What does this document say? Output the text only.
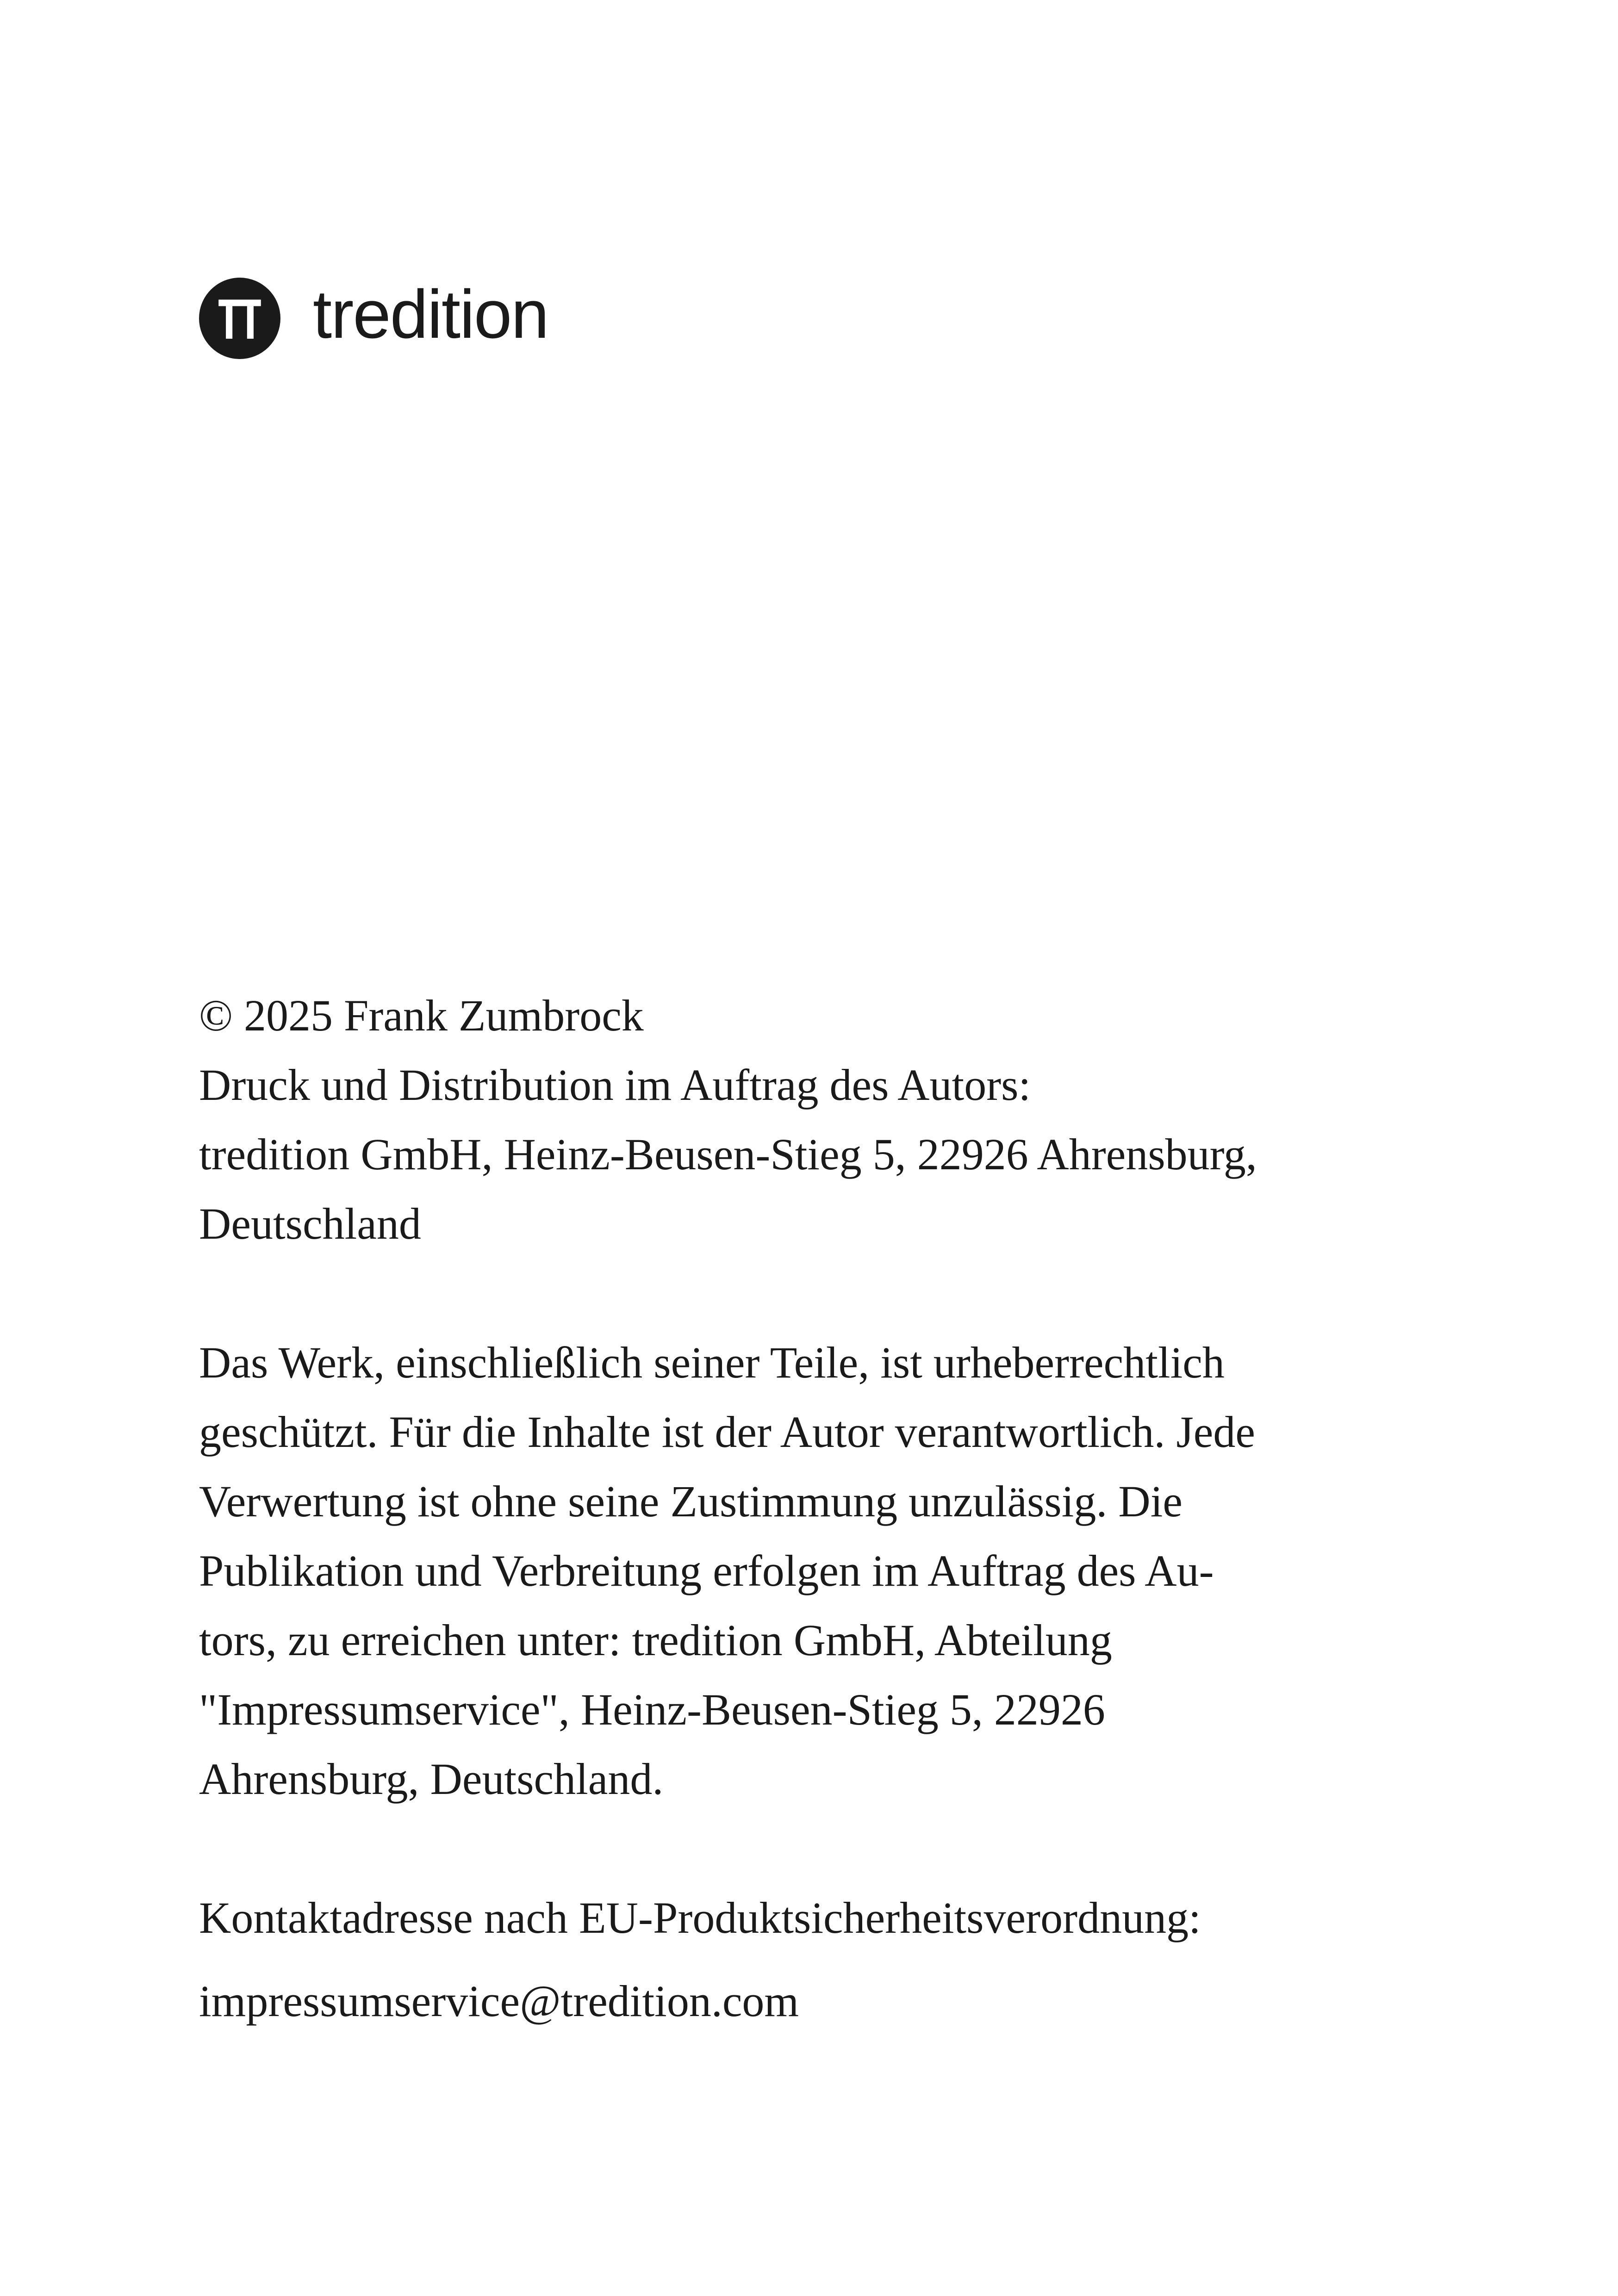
tredition
© 2025 Frank Zumbrock
Druck und Distribution im Auftrag des Autors:
tredition GmbH, Heinz-Beusen-Stieg 5, 22926 Ahrensburg,
Deutschland
Das Werk, einschließlich seiner Teile, ist urheberrechtlich
geschützt. Für die Inhalte ist der Autor verantwortlich. Jede
Verwertung ist ohne seine Zustimmung unzulässig. Die
Publikation und Verbreitung erfolgen im Auftrag des Au-
tors, zu erreichen unter: tredition GmbH, Abteilung
"Impressumservice", Heinz-Beusen-Stieg 5, 22926
Ahrensburg, Deutschland.
Kontaktadresse nach EU-Produktsicherheitsverordnung:
impressumservice@tredition.com
